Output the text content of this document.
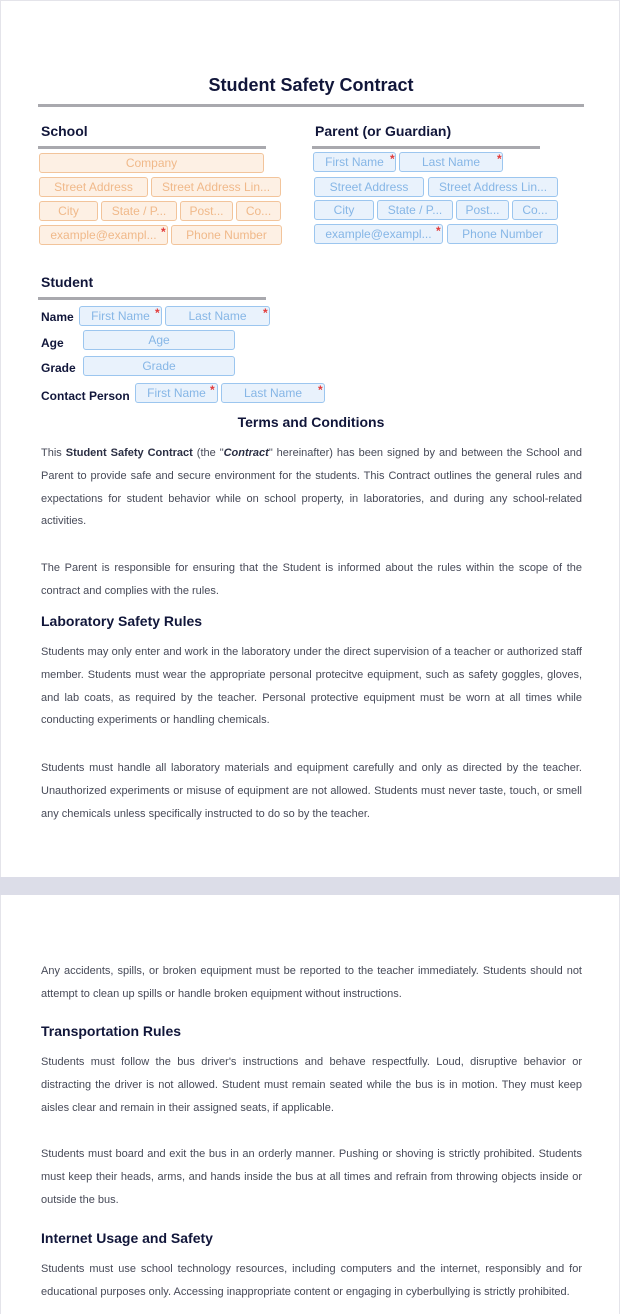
Student Safety Contract
School
Company
Street Address	Street Address Lin...
City	State / P...	Post...	Co...
example@exampl... *	Phone Number
Parent (or Guardian)
First Name *	Last Name	*
Street Address	Street Address Lin...
City	State / P...	Post...	Co...
example@exampl... *	Phone Number
Student
Name	First Name *	Last Name	*
Age	Age
Grade	Grade
Contact Person	First Name *	Last Name	*
Terms and Conditions
This Student Safety Contract (the "Contract" hereinafter) has been signed by and between the School and Parent to provide safe and secure environment for the students. This Contract outlines the general rules and expectations for student behavior while on school property, in laboratories, and during any school-related activities.
The Parent is responsible for ensuring that the Student is informed about the rules within the scope of the contract and complies with the rules.
Laboratory Safety Rules
Students may only enter and work in the laboratory under the direct supervision of a teacher or authorized staff member. Students must wear the appropriate personal protecitve equipment, such as safety goggles, gloves, and lab coats, as required by the teacher. Personal protective equipment must be worn at all times while conducting experiments or handling chemicals.
Students must handle all laboratory materials and equipment carefully and only as directed by the teacher. Unauthorized experiments or misuse of equipment are not allowed. Students must never taste, touch, or smell any chemicals unless specifically instructed to do so by the teacher.
Any accidents, spills, or broken equipment must be reported to the teacher immediately. Students should not attempt to clean up spills or handle broken equipment without instructions.
Transportation Rules
Students must follow the bus driver's instructions and behave respectfully. Loud, disruptive behavior or distracting the driver is not allowed. Student must remain seated while the bus is in motion. They must keep aisles clear and remain in their assigned seats, if applicable.
Students must board and exit the bus in an orderly manner. Pushing or shoving is strictly prohibited. Students must keep their heads, arms, and hands inside the bus at all times and refrain from throwing objects inside or outside the bus.
Internet Usage and Safety
Students must use school technology resources, including computers and the internet, responsibly and for educational purposes only. Accessing inappropriate content or engaging in cyberbullying is strictly prohibited.
